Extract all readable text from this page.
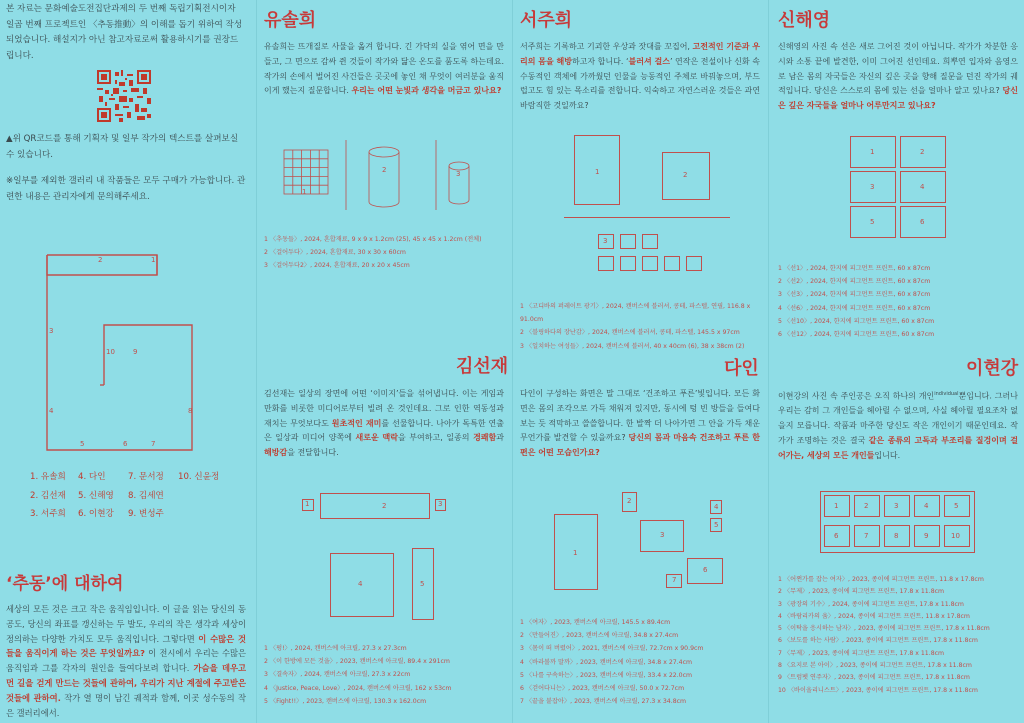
본 자료는 문화예술도전집단과제의 두 번째 독립기획전시이자 일곱 번째 프로젝트인 〈추동推動〉의 이해를 돕기 위하여 작성되었습니다. 해설지가 아닌 참고자료로써 활용하시기를 권장드립니다.
▲위 QR코드를 통해 기획자 및 일부 작가의 텍스트를 살펴보실 수 있습니다.
※일부를 제외한 갤러리 내 작품들은 모두 구매가 가능합니다. 관련한 내용은 관리자에게 문의해주세요.
2	1
3
4
5	6	7
8
10	9
1. 유솔희 4. 다인	7. 문서정 10. 신윤정
2. 김선재 5. 신해영 8. 김세연
3. 서주희 6. 이현강 9. 변성주
‘추동’에 대하여
세상의 모든 것은 크고 작은 움직임입니다. 이 글을 읽는 당신의 동공도, 당신의 좌표를 갱신하는 두 발도, 우리의 작은 생각과 세상이 정의하는 다양한 가치도 모두 움직입니다. 그렇다면 이 수많은 것들을 움직이게 하는 것은 무엇일까요? 이 전시에서 우리는 수많은 움직임과 그를 각자의 원인을 들여다보려 합니다. 가슴을 데우고 먼 길을 걷게 만드는 것들에 관하여, 우리가 지난 계절에 주고받은 것들에 관하여. 작가 열 명이 남긴 궤적과 함께, 이곳 성수동의 작은 갤러리에서.
유솔희
유솔희는 뜨개질로 사물을 옮겨 합니다. 긴 가닥의 실을 엮어 면을 만들고, 그 면으로 감싸 쥔 것들이 작가와 닮은 온도를 품도록 하는데요. 작가의 손에서 벌어진 사건들은 곳곳에 놓인 채 무엇이 여러분을 움직이게 했는지 질문합니다. 우리는 어떤 눈빛과 생각을 머금고 있나요?
1
2	3
1 〈추동들〉, 2024, 혼합재료, 9 x 9 x 1.2cm (25), 45 x 45 x 1.2cm (전체)
2 〈걸어두다〉, 2024, 혼합재료, 30 x 30 x 60cm
3 〈걸어두다2〉, 2024, 혼합재료, 20 x 20 x 45cm
김선재
김선재는 일상의 장면에 어떤 ‘이미지’들을 섞어냅니다. 이는 게임과 만화를 비롯한 미디어로부터 빌려 온 것인데요. 그로 인한 역동성과 재치는 무엇보다도 원초적인 재미를 선물합니다. 나아가 독특한 연출은 일상과 미디어 양쪽에 새로운 맥락을 부여하고, 일종의 경쾌함과 해방감을 전달합니다.
1	2	3
4	5
1 〈펑!〉, 2024, 캔버스에 아크릴, 27.3 x 27.3cm
2 〈이 한방에 모든 것을〉, 2023, 캔버스에 아크릴, 89.4 x 291cm
3 〈결속자〉, 2024, 캔버스에 아크릴, 27.3 x 22cm
4 〈Justice, Peace, Love〉, 2024, 캔버스에 아크릴, 162 x 53cm
5 〈Fight!!〉, 2023, 캔버스에 아크릴, 130.3 x 162.0cm
서주희
서주희는 기록하고 기괴한 우상과 잣대를 꼬집어, 고전적인 기준과 우리의 몸을 해방하고자 합니다. ‘블러셔 걸스’ 연작은 전설이나 신화 속 수동적인 객체에 가까웠던 인물을 능동적인 주체로 바꿔놓으며, 부드럽고도 힘 있는 목소리를 전합니다. 익숙하고 자연스러운 것들은 과연 바람직한 것일까요?
1	2
3
1 〈고디바의 퍼레이트 광기〉, 2024, 캔버스에 블러셔, 콩테, 파스텔, 연필, 116.8 x 91.0cm
2 〈블링하다의 장난감〉, 2024, 캔버스에 블러셔, 콩테, 파스텔, 145.5 x 97cm
3 〈일치하는 여성들〉, 2024, 캔버스에 블러셔, 40 x 40cm (6), 38 x 38cm (2)
다인
다인이 구성하는 화면은 말 그대로 ‘건조하고 푸른’빛입니다. 모든 화면은 몸의 조각으로 가득 채워져 있지만, 동시에 텅 빈 방들을 들여다보는 듯 적막하고 쓸쓸합니다. 한 발짝 더 나아가면 그 안을 가득 채운 무언가를 발견할 수 있을까요? 당신의 몸과 마음속 건조하고 푸른 한 편은 어떤 모습인가요?
1
2
3
4
5
6
7
1 〈여자〉, 2023, 캔버스에 아크릴, 145.5 x 89.4cm
2 〈만들어진〉, 2023, 캔버스에 아크릴, 34.8 x 27.4cm
3 〈몸이 떠 버렸어〉, 2021, 캔버스에 아크릴, 72.7cm x 90.9cm
4 〈바라볼까 말까〉, 2023, 캔버스에 아크릴, 34.8 x 27.4cm
5 〈나를 구속하는〉, 2023, 캔버스에 아크릴, 33.4 x 22.0cm
6 〈걷어다니는〉, 2023, 캔버스에 아크릴, 50.0 x 72.7cm
7 〈끝을 붙잡아〉, 2023, 캔버스에 아크릴, 27.3 x 34.8cm
신해영
신해영의 사진 속 선은 새로 그어진 것이 아닙니다. 작가가 차분한 응시와 소통 끝에 발견한, 이미 그어진 선인데요. 희뿌연 입자와 음영으로 남은 몸의 자국들은 자신의 깊은 곳을 향해 질문을 던진 작가의 궤적입니다. 당신은 스스로의 몸에 있는 선을 얼마나 알고 있나요? 당신은 깊은 자국들을 얼마나 어루만지고 있나요?
1	2
3	4
5	6
1 〈선1〉, 2024, 한지에 피그먼트 프린트, 60 x 87cm
2 〈선2〉, 2024, 한지에 피그먼트 프린트, 60 x 87cm
3 〈선3〉, 2024, 한지에 피그먼트 프린트, 60 x 87cm
4 〈선6〉, 2024, 한지에 피그먼트 프린트, 60 x 87cm
5 〈선10〉, 2024, 한지에 피그먼트 프린트, 60 x 87cm
6 〈선12〉, 2024, 한지에 피그먼트 프린트, 60 x 87cm
이현강
이현강의 사진 속 주인공은 오직 하나의 개인$^{individual}$뿐입니다. 그러나 우리는 감히 그 개인들을 헤아릴 수 없으며, 사실 헤아릴 필요조차 없을지 모릅니다. 작품과 마주한 당신도 작은 개인이기 때문인데요. 작가가 조명하는 것은 결국 같은 종류의 고독과 부조리를 질겅이며 걸어가는, 세상의 모든 개인들입니다.
1	2	3	4	5
6	7	8	9	10
1 〈어쩐가를 잡는 여자〉, 2023, 종이에 피그먼트 프린트, 11.8 x 17.8cm
2 〈무제〉, 2023, 종이에 피그먼트 프린트, 17.8 x 11.8cm
3 〈광장의 기수〉, 2024, 종이에 피그먼트 프린트, 17.8 x 11.8cm
4 〈바람리카의 움〉, 2024, 종이에 피그먼트 프린트, 11.8 x 17.8cm
5 〈이탁을 응시하는 남자〉, 2023, 종이에 피그먼트 프린트, 17.8 x 11.8cm
6 〈보도를 하는 사람〉, 2023, 종이에 피그먼트 프린트, 17.8 x 11.8cm
7 〈무제〉, 2023, 종이에 피그먼트 프린트, 17.8 x 11.8cm
8 〈요지로 본 아이〉, 2023, 종이에 피그먼트 프린트, 17.8 x 11.8cm
9 〈트럼펫 연주자〉, 2023, 종이에 피그먼트 프린트, 17.8 x 11.8cm
10 〈바이올리니스트〉, 2023, 종이에 피그먼트 프린트, 17.8 x 11.8cm
